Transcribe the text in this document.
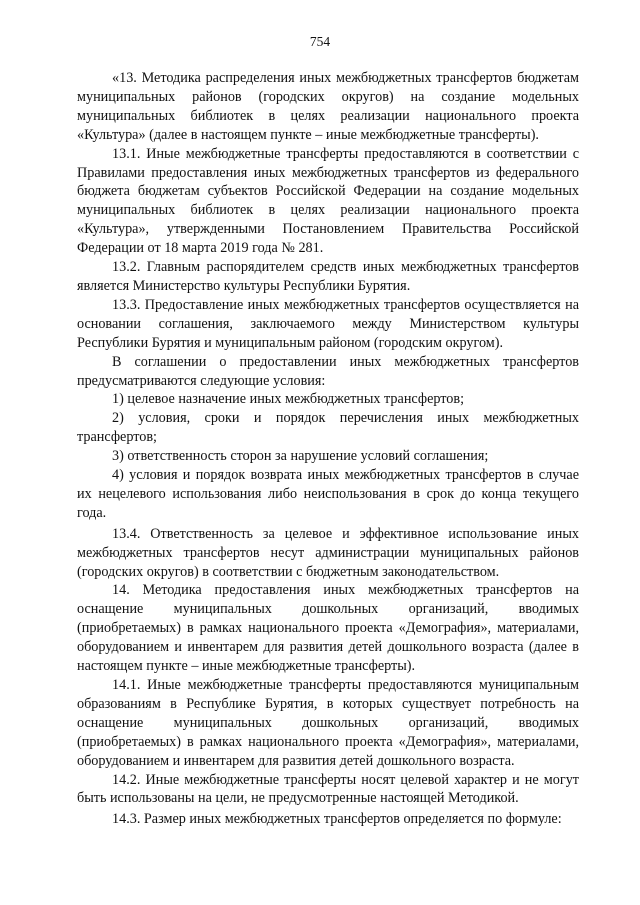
754

«13. Методика распределения иных межбюджетных трансфертов бюджетам муниципальных районов (городских округов) на создание модельных муниципальных библиотек в целях реализации национального проекта «Культура» (далее в настоящем пункте – иные межбюджетные трансферты).

13.1. Иные межбюджетные трансферты предоставляются в соответствии с Правилами предоставления иных межбюджетных трансфертов из федерального бюджета бюджетам субъектов Российской Федерации на создание модельных муниципальных библиотек в целях реализации национального проекта «Культура», утвержденными Постановлением Правительства Российской Федерации от 18 марта 2019 года № 281.

13.2. Главным распорядителем средств иных межбюджетных трансфертов является Министерство культуры Республики Бурятия.

13.3. Предоставление иных межбюджетных трансфертов осуществляется на основании соглашения, заключаемого между Министерством культуры Республики Бурятия и муниципальным районом (городским округом).

В соглашении о предоставлении иных межбюджетных трансфертов предусматриваются следующие условия:

1) целевое назначение иных межбюджетных трансфертов;

2) условия, сроки и порядок перечисления иных межбюджетных трансфертов;

3) ответственность сторон за нарушение условий соглашения;

4) условия и порядок возврата иных межбюджетных трансфертов в случае их нецелевого использования либо неиспользования в срок до конца текущего года.

13.4. Ответственность за целевое и эффективное использование иных межбюджетных трансфертов несут администрации муниципальных районов (городских округов) в соответствии с бюджетным законодательством.

14. Методика предоставления иных межбюджетных трансфертов на оснащение муниципальных дошкольных организаций, вводимых (приобретаемых) в рамках национального проекта «Демография», материалами, оборудованием и инвентарем для развития детей дошкольного возраста (далее в настоящем пункте – иные межбюджетные трансферты).

14.1. Иные межбюджетные трансферты предоставляются муниципальным образованиям в Республике Бурятия, в которых существует потребность на оснащение муниципальных дошкольных организаций, вводимых (приобретаемых) в рамках национального проекта «Демография», материалами, оборудованием и инвентарем для развития детей дошкольного возраста.

14.2. Иные межбюджетные трансферты носят целевой характер и не могут быть использованы на цели, не предусмотренные настоящей Методикой.

14.3. Размер иных межбюджетных трансфертов определяется по формуле:
